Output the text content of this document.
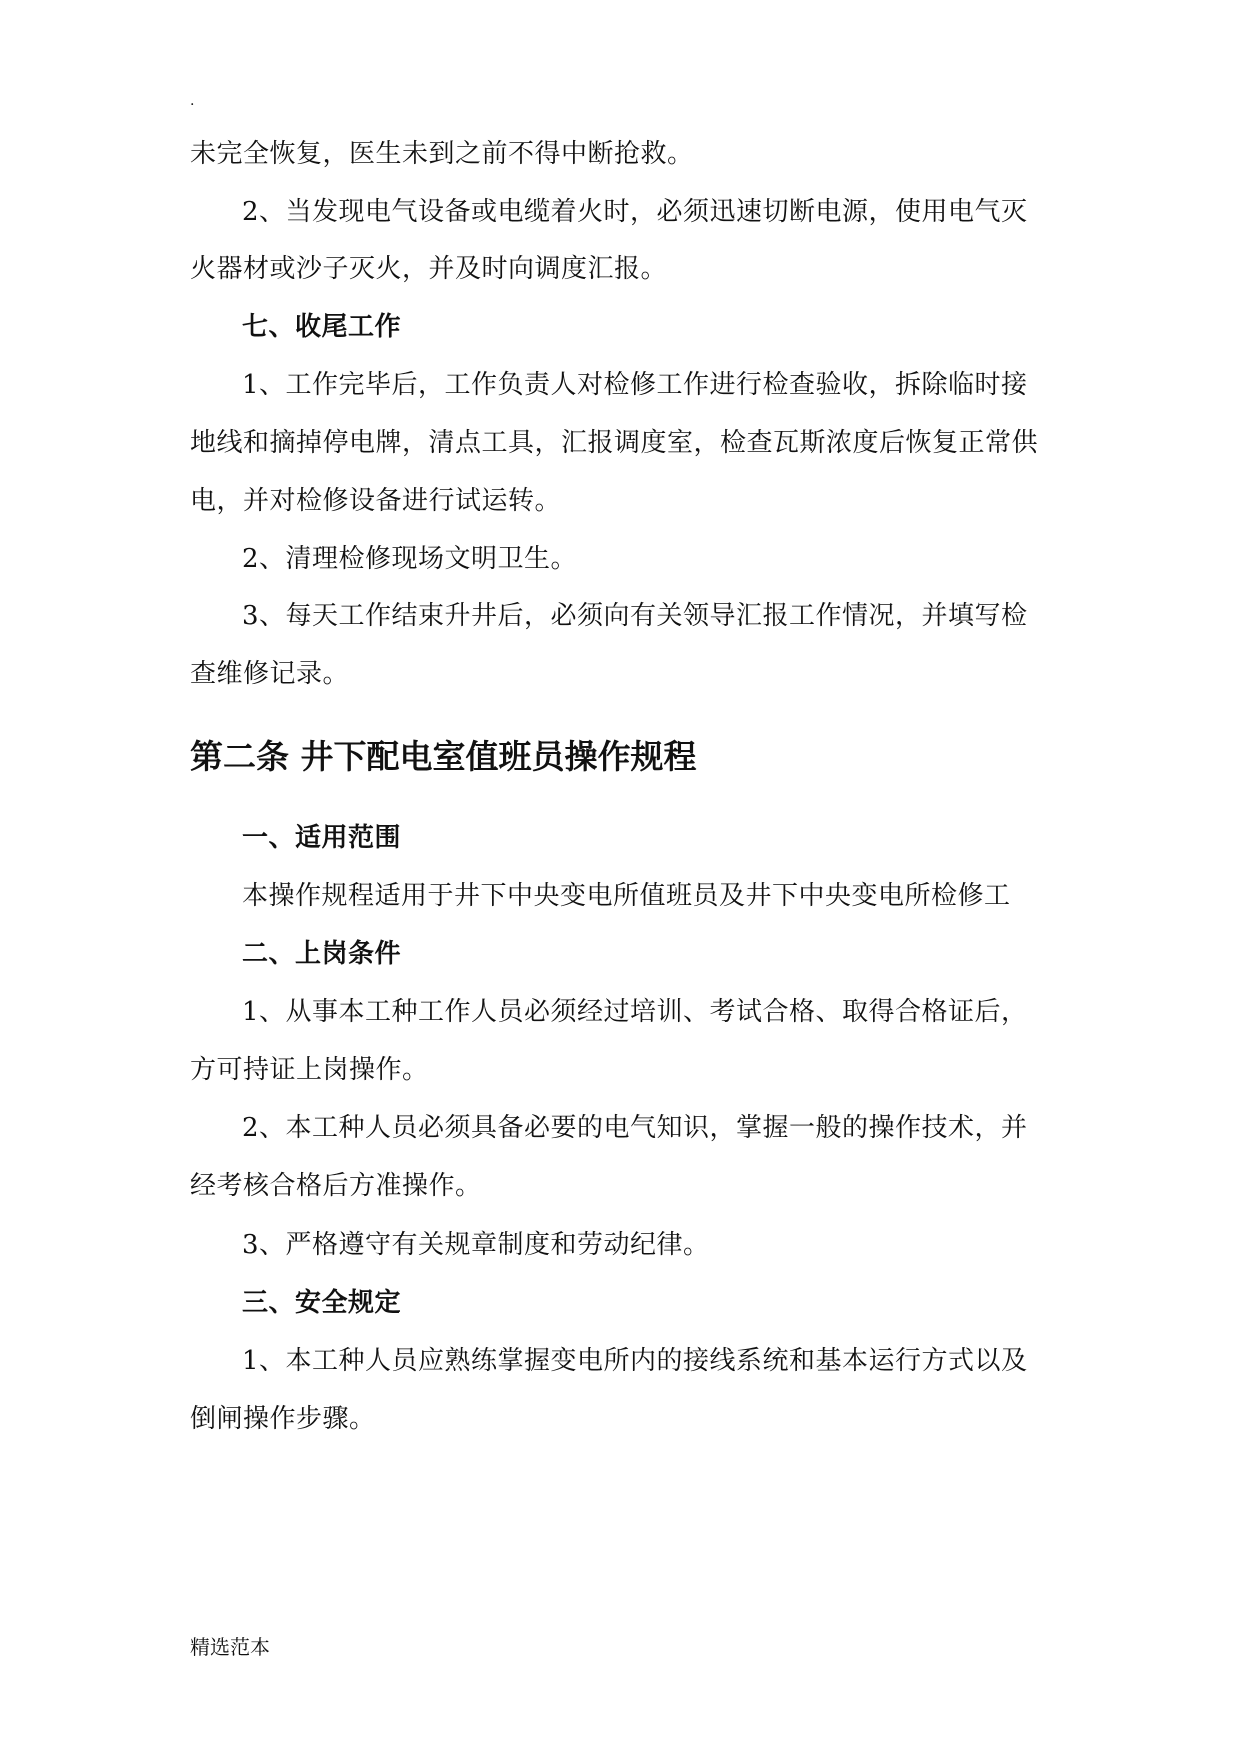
.
未完全恢复，医生未到之前不得中断抢救。
2、当发现电气设备或电缆着火时，必须迅速切断电源，使用电气灭
火器材或沙子灭火，并及时向调度汇报。
七、收尾工作
1、工作完毕后，工作负责人对检修工作进行检查验收，拆除临时接
地线和摘掉停电牌，清点工具，汇报调度室，检查瓦斯浓度后恢复正常供
电，并对检修设备进行试运转。
2、清理检修现场文明卫生。
3、每天工作结束升井后，必须向有关领导汇报工作情况，并填写检
查维修记录。
第二条 井下配电室值班员操作规程
一、适用范围
本操作规程适用于井下中央变电所值班员及井下中央变电所检修工
二、上岗条件
1、从事本工种工作人员必须经过培训、考试合格、取得合格证后，
方可持证上岗操作。
2、本工种人员必须具备必要的电气知识，掌握一般的操作技术，并
经考核合格后方准操作。
3、严格遵守有关规章制度和劳动纪律。
三、安全规定
1、本工种人员应熟练掌握变电所内的接线系统和基本运行方式以及
倒闸操作步骤。
精选范本
